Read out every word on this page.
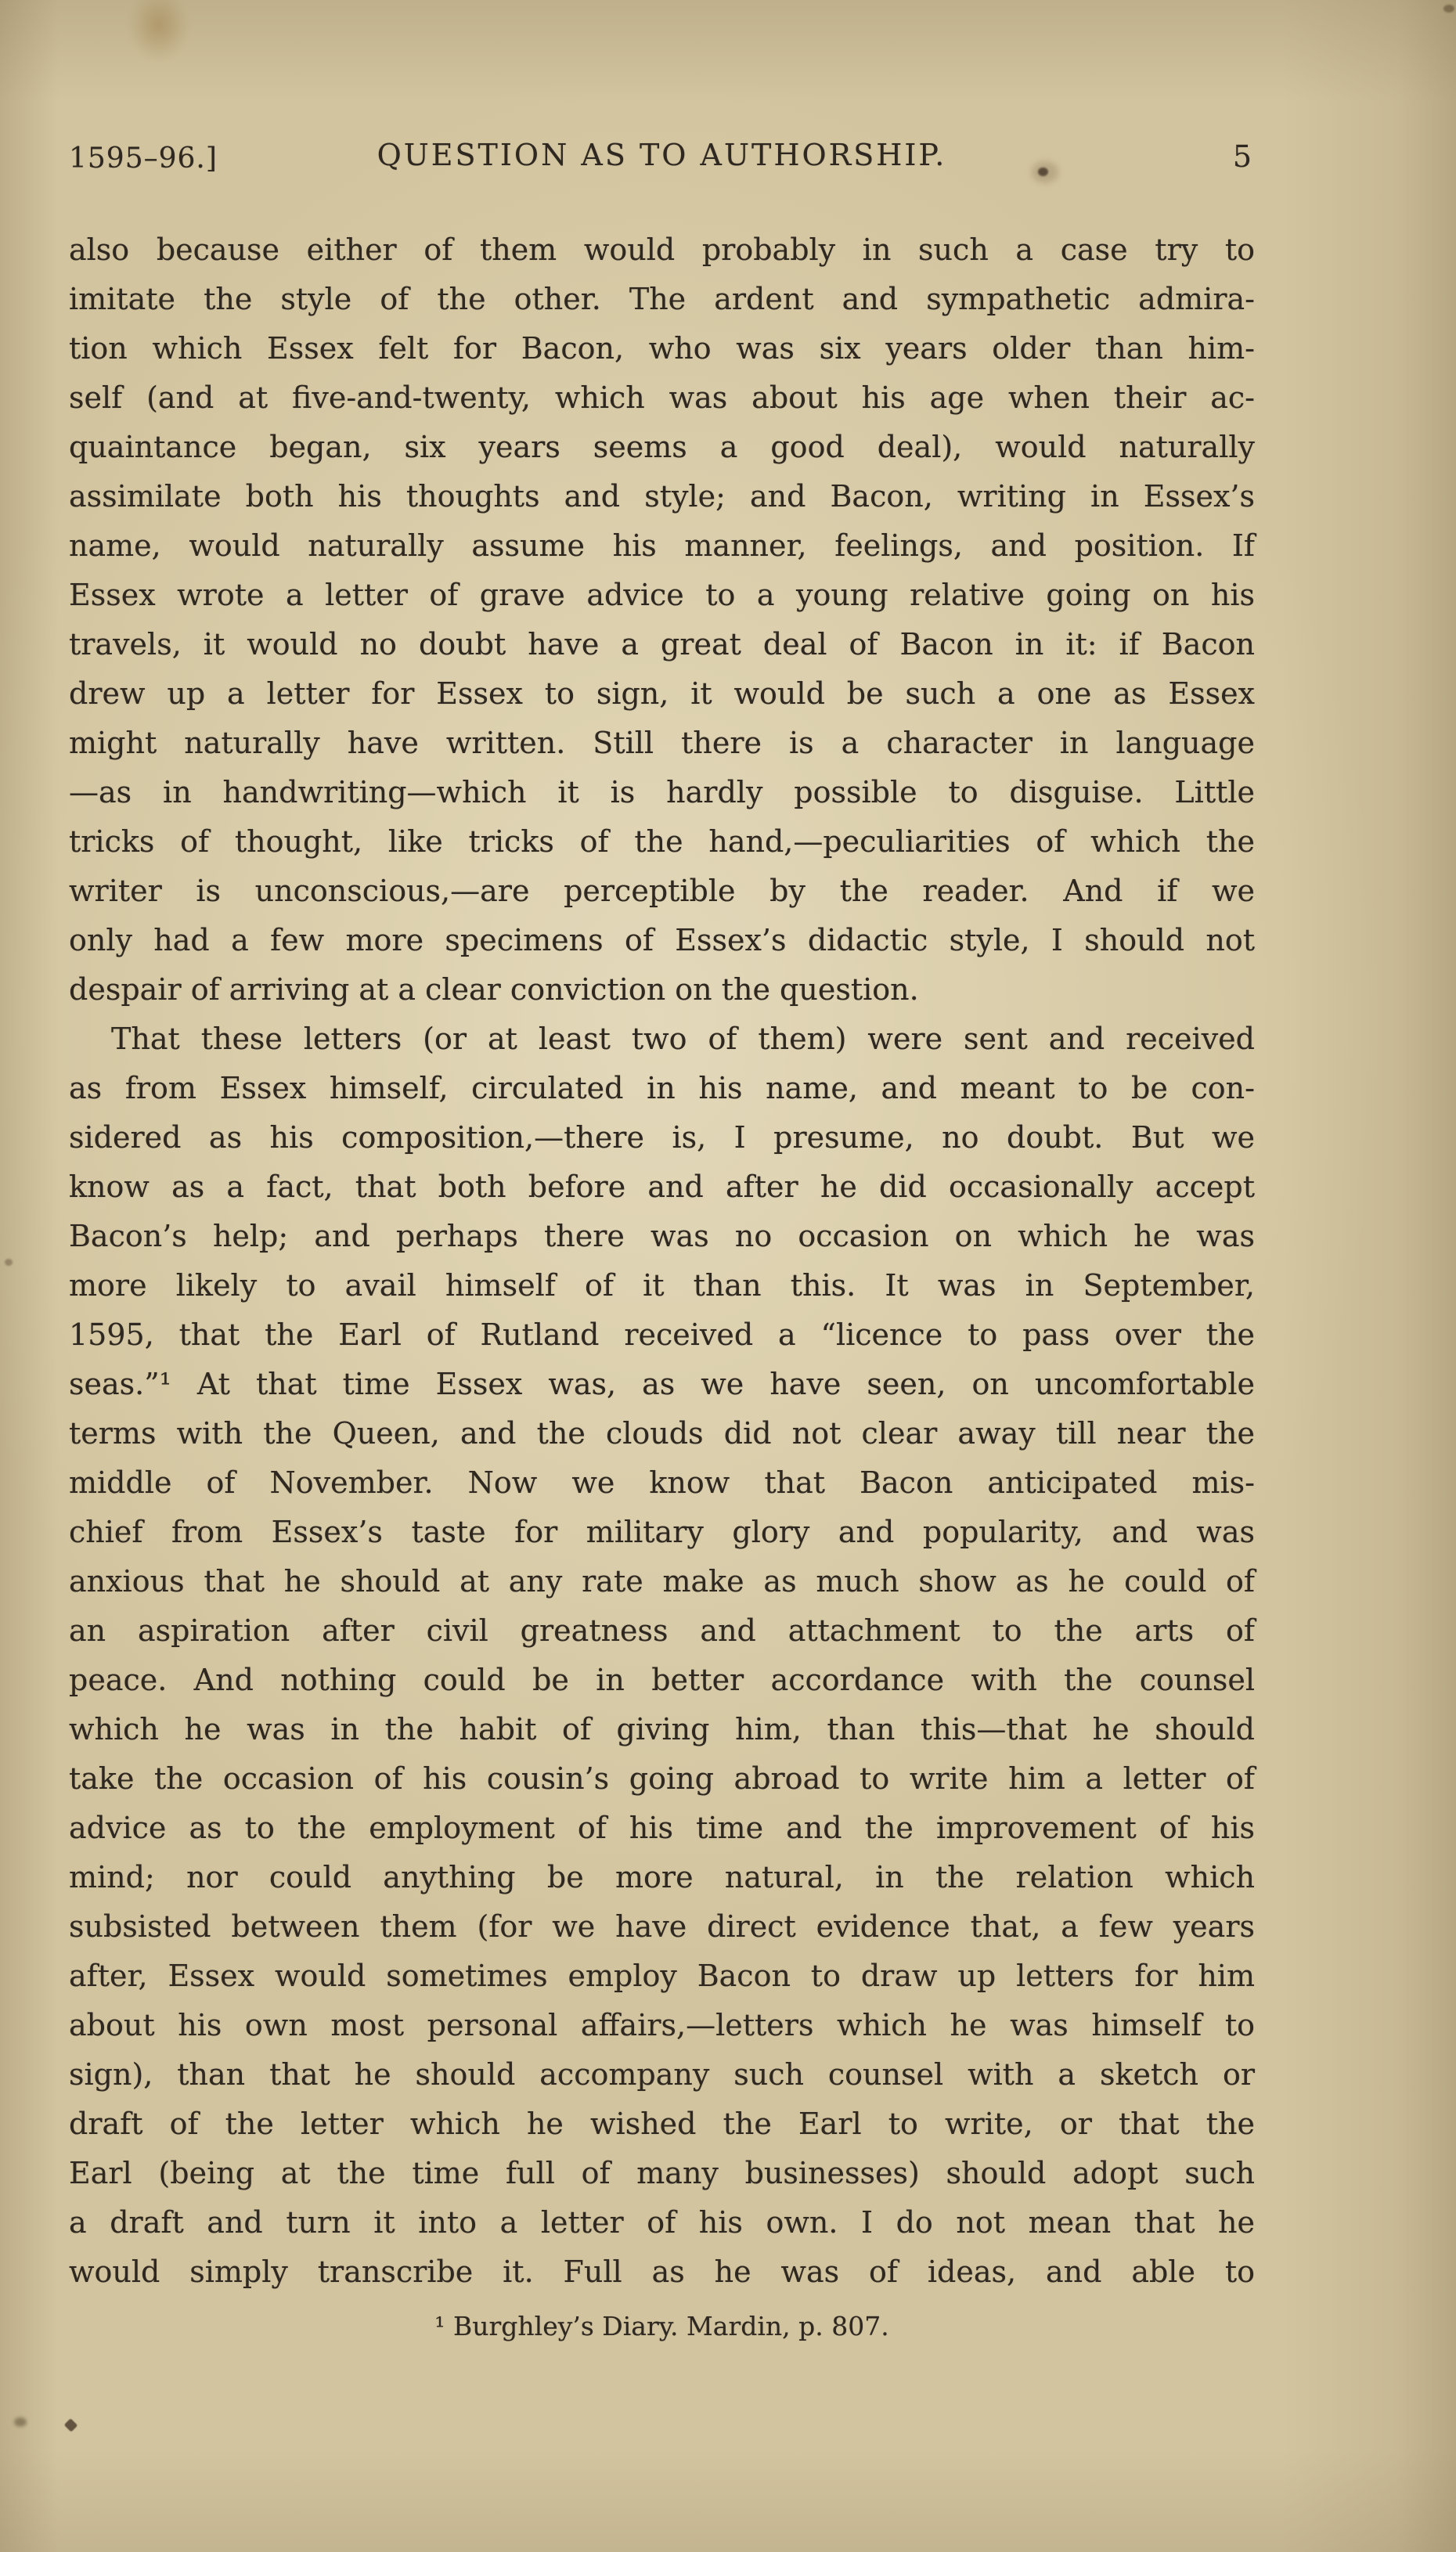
1595–96.]	QUESTION AS TO AUTHORSHIP.	5
also because either of them would probably in such a case try to
imitate the style of the other. The ardent and sympathetic admira-
tion which Essex felt for Bacon, who was six years older than him-
self (and at five-and-twenty, which was about his age when their ac-
quaintance began, six years seems a good deal), would naturally
assimilate both his thoughts and style; and Bacon, writing in Essex’s
name, would naturally assume his manner, feelings, and position. If
Essex wrote a letter of grave advice to a young relative going on his
travels, it would no doubt have a great deal of Bacon in it: if Bacon
drew up a letter for Essex to sign, it would be such a one as Essex
might naturally have written. Still there is a character in language
—as in handwriting—which it is hardly possible to disguise. Little
tricks of thought, like tricks of the hand,—peculiarities of which the
writer is unconscious,—are perceptible by the reader. And if we
only had a few more specimens of Essex’s didactic style, I should not
despair of arriving at a clear conviction on the question.
That these letters (or at least two of them) were sent and received
as from Essex himself, circulated in his name, and meant to be con-
sidered as his composition,—there is, I presume, no doubt. But we
know as a fact, that both before and after he did occasionally accept
Bacon’s help; and perhaps there was no occasion on which he was
more likely to avail himself of it than this. It was in September,
1595, that the Earl of Rutland received a “licence to pass over the
seas.”¹ At that time Essex was, as we have seen, on uncomfortable
terms with the Queen, and the clouds did not clear away till near the
middle of November. Now we know that Bacon anticipated mis-
chief from Essex’s taste for military glory and popularity, and was
anxious that he should at any rate make as much show as he could of
an aspiration after civil greatness and attachment to the arts of
peace. And nothing could be in better accordance with the counsel
which he was in the habit of giving him, than this—that he should
take the occasion of his cousin’s going abroad to write him a letter of
advice as to the employment of his time and the improvement of his
mind; nor could anything be more natural, in the relation which
subsisted between them (for we have direct evidence that, a few years
after, Essex would sometimes employ Bacon to draw up letters for him
about his own most personal affairs,—letters which he was himself to
sign), than that he should accompany such counsel with a sketch or
draft of the letter which he wished the Earl to write, or that the
Earl (being at the time full of many businesses) should adopt such
a draft and turn it into a letter of his own. I do not mean that he
would simply transcribe it. Full as he was of ideas, and able to
¹ Burghley’s Diary. Mardin, p. 807.
